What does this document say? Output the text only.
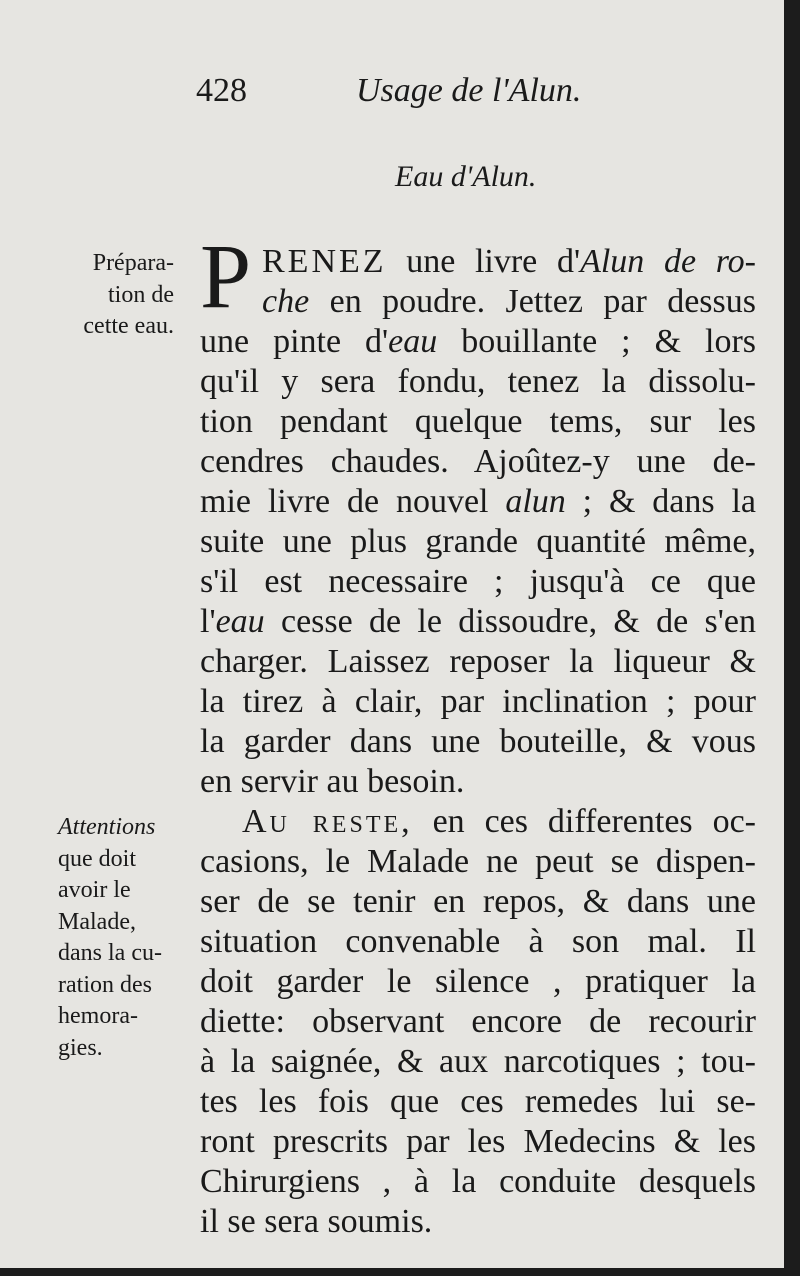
428	Usage de l'Alun.
Eau d'Alun.
Prépara-
tion de
cette eau.
Attentions
que doit
avoir le
Malade,
dans la cu-
ration des
hemora-
gies.
P RENEZ une livre d'Alun de ro-
che en poudre. Jettez par dessus
une pinte d'eau bouillante ; & lors
qu'il y sera fondu, tenez la dissolu-
tion pendant quelque tems, sur les
cendres chaudes. Ajoûtez-y une de-
mie livre de nouvel alun ; & dans la
suite une plus grande quantité même,
s'il est necessaire ; jusqu'à ce que
l'eau cesse de le dissoudre, & de s'en
charger. Laissez reposer la liqueur &
la tirez à clair, par inclination ; pour
la garder dans une bouteille, & vous
en servir au besoin.
Au reste, en ces differentes oc-
casions, le Malade ne peut se dispen-
ser de se tenir en repos, & dans une
situation convenable à son mal. Il
doit garder le silence , pratiquer la
diette: observant encore de recourir
à la saignée, & aux narcotiques ; tou-
tes les fois que ces remedes lui se-
ront prescrits par les Medecins & les
Chirurgiens , à la conduite desquels
il se sera soumis.
